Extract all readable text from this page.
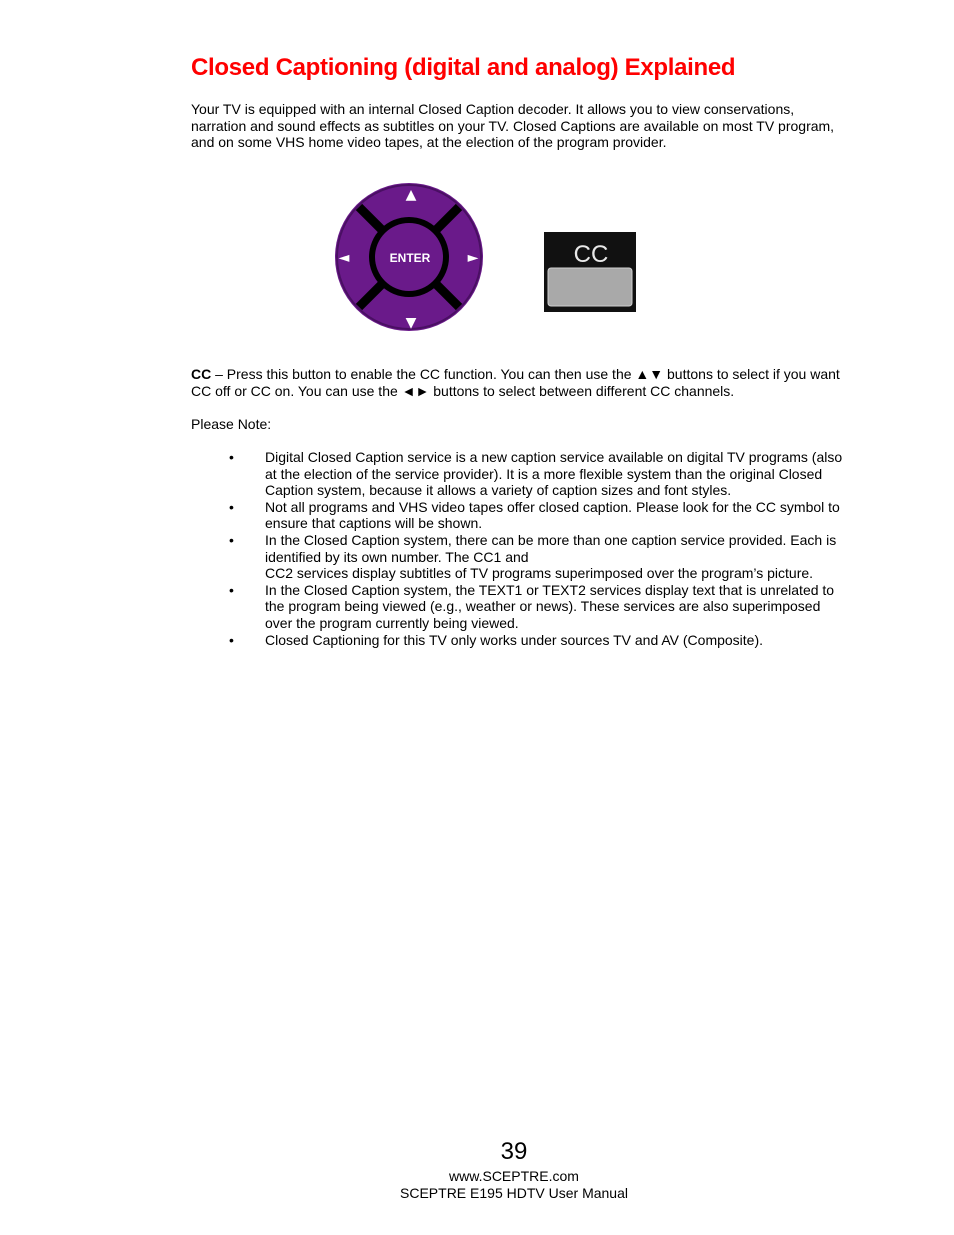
Closed Captioning (digital and analog) Explained

Your TV is equipped with an internal Closed Caption decoder. It allows you to view conservations, narration and sound effects as subtitles on your TV. Closed Captions are available on most TV program, and on some VHS home video tapes, at the election of the program provider.

ENTER
▲
▼
◄	►	CC

CC – Press this button to enable the CC function. You can then use the ▲▼ buttons to select if you want CC off or CC on. You can use the ◄► buttons to select between different CC channels.

Please Note:

• Digital Closed Caption service is a new caption service available on digital TV programs (also at the election of the service provider). It is a more flexible system than the original Closed Caption system, because it allows a variety of caption sizes and font styles.
• Not all programs and VHS video tapes offer closed caption. Please look for the CC symbol to ensure that captions will be shown.
• In the Closed Caption system, there can be more than one caption service provided. Each is identified by its own number. The CC1 and
CC2 services display subtitles of TV programs superimposed over the program’s picture.
• In the Closed Caption system, the TEXT1 or TEXT2 services display text that is unrelated to the program being viewed (e.g., weather or news). These services are also superimposed over the program currently being viewed.
• Closed Captioning for this TV only works under sources TV and AV (Composite).

39

www.SCEPTRE.com

SCEPTRE E195 HDTV User Manual
